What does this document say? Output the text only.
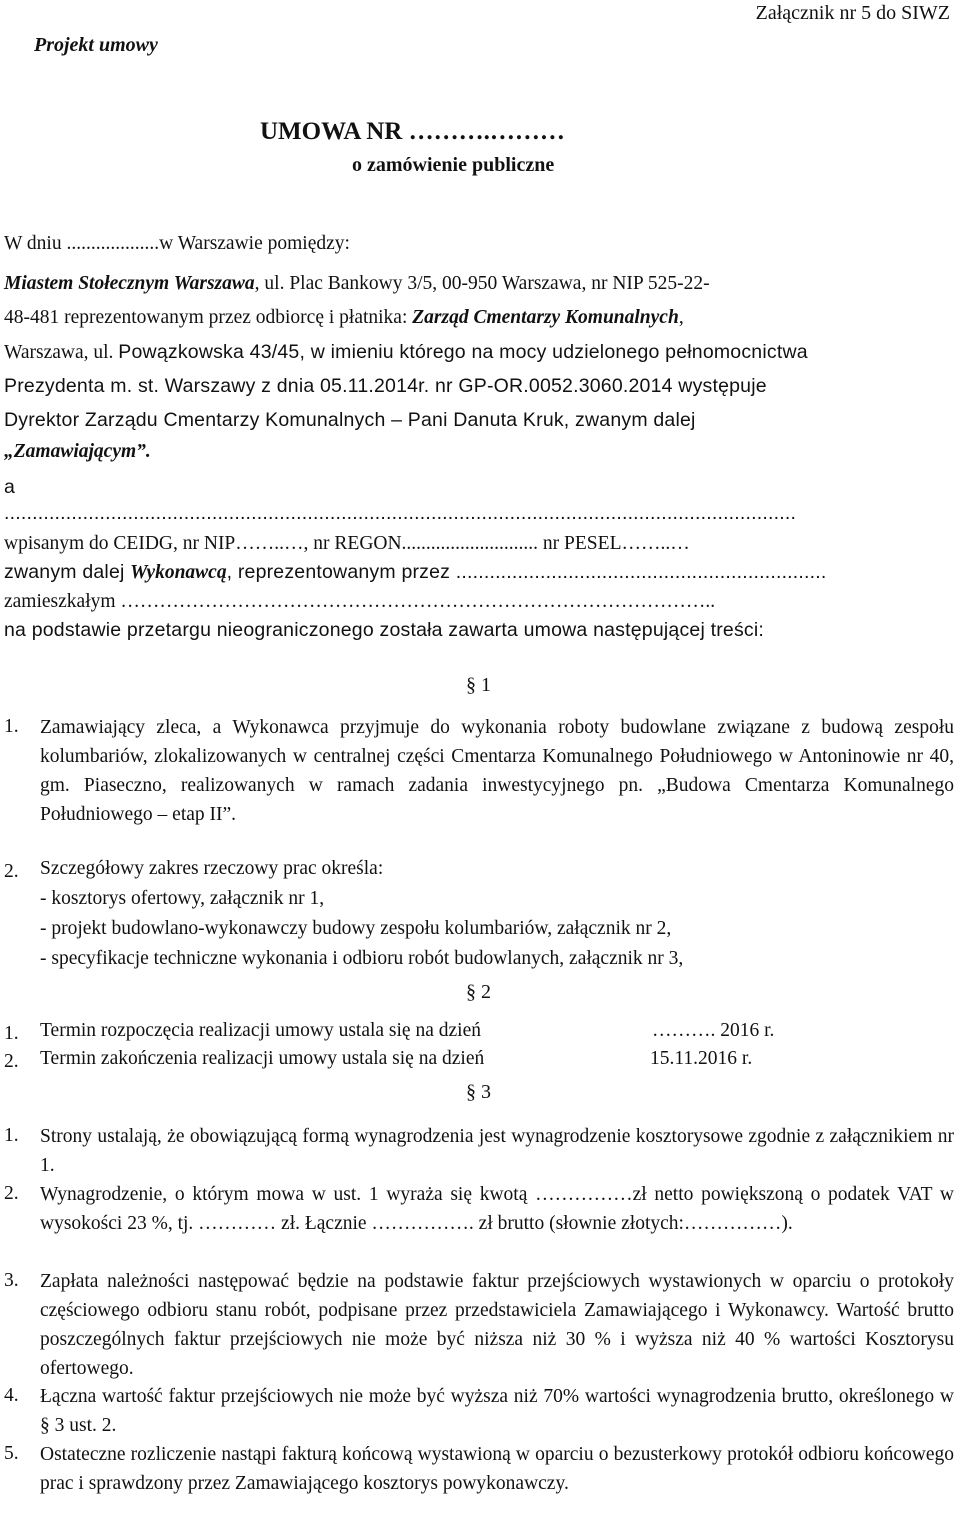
Projekt umowy
Załącznik nr 5 do SIWZ
UMOWA NR ……….………
o zamówienie publiczne
W dniu ...................w Warszawie pomiędzy:
Miastem Stołecznym Warszawa, ul. Plac Bankowy 3/5, 00-950 Warszawa, nr NIP 525-22-
48-481 reprezentowanym przez odbiorcę i płatnika: Zarząd Cmentarzy Komunalnych,
Warszawa, ul. Powązkowska 43/45, w imieniu którego na mocy udzielonego pełnomocnictwa
Prezydenta m. st. Warszawy z dnia 05.11.2014r. nr GP-OR.0052.3060.2014 występuje
Dyrektor Zarządu Cmentarzy Komunalnych – Pani Danuta Kruk, zwanym dalej
„Zamawiającym”.
a
.............................................................................................................................................
wpisanym do CEIDG, nr NIP……..…, nr REGON............................ nr PESEL……..…
zwanym dalej Wykonawcą, reprezentowanym przez ..................................................................
zamieszkałym ………………………………………………………………………………..
na podstawie przetargu nieograniczonego została zawarta umowa następującej treści:
§ 1
1. Zamawiający zleca, a Wykonawca przyjmuje do wykonania roboty budowlane związane z budową zespołu kolumbariów, zlokalizowanych w centralnej części Cmentarza Komunalnego Południowego w Antoninowie nr 40, gm. Piaseczno, realizowanych w ramach zadania inwestycyjnego pn. „Budowa Cmentarza Komunalnego Południowego – etap II”.
2. Szczegółowy zakres rzeczowy prac określa:
- kosztorys ofertowy, załącznik nr 1,
- projekt budowlano-wykonawczy budowy zespołu kolumbariów, załącznik nr 2,
- specyfikacje techniczne wykonania i odbioru robót budowlanych, załącznik nr 3,
§ 2
1. Termin rozpoczęcia realizacji umowy ustala się na dzień	………. 2016 r.
2. Termin zakończenia realizacji umowy ustala się na dzień	15.11.2016 r.
§ 3
1. Strony ustalają, że obowiązującą formą wynagrodzenia jest wynagrodzenie kosztorysowe zgodnie z załącznikiem nr 1.
2. Wynagrodzenie, o którym mowa w ust. 1 wyraża się kwotą ……………zł netto powiększoną o podatek VAT w wysokości 23 %, tj. ………… zł. Łącznie ……………. zł brutto (słownie złotych:……………).
3. Zapłata należności następować będzie na podstawie faktur przejściowych wystawionych w oparciu o protokoły częściowego odbioru stanu robót, podpisane przez przedstawiciela Zamawiającego i Wykonawcy. Wartość brutto poszczególnych faktur przejściowych nie może być niższa niż 30 % i wyższa niż 40 % wartości Kosztorysu ofertowego.
4. Łączna wartość faktur przejściowych nie może być wyższa niż 70% wartości wynagrodzenia brutto, określonego w § 3 ust. 2.
5. Ostateczne rozliczenie nastąpi fakturą końcową wystawioną w oparciu o bezusterkowy protokół odbioru końcowego prac i sprawdzony przez Zamawiającego kosztorys powykonawczy.
